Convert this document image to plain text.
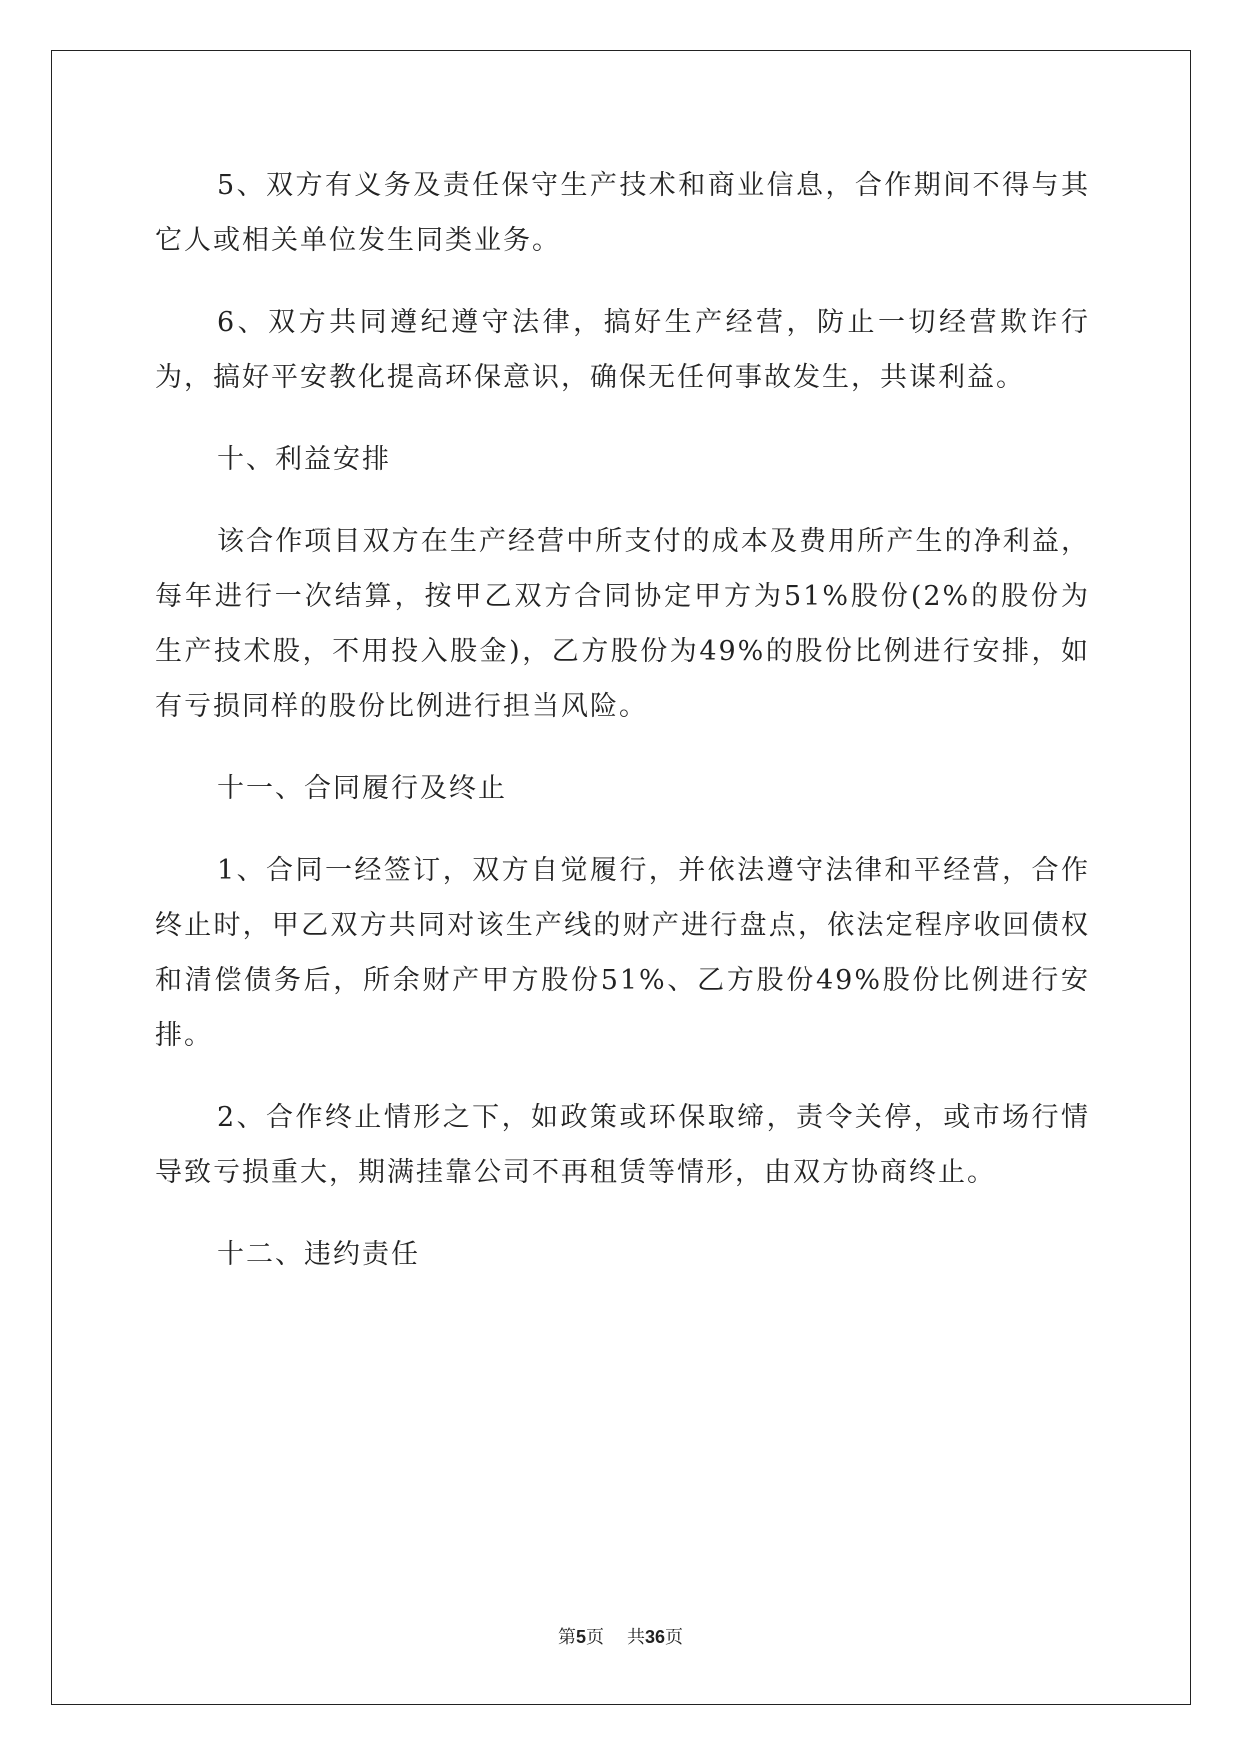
5、双方有义务及责任保守生产技术和商业信息，合作期间不得与其它人或相关单位发生同类业务。

6、双方共同遵纪遵守法律，搞好生产经营，防止一切经营欺诈行为，搞好平安教化提高环保意识，确保无任何事故发生，共谋利益。

十、利益安排

该合作项目双方在生产经营中所支付的成本及费用所产生的净利益，每年进行一次结算，按甲乙双方合同协定甲方为51%股份(2%的股份为生产技术股，不用投入股金)，乙方股份为49%的股份比例进行安排，如有亏损同样的股份比例进行担当风险。

十一、合同履行及终止

1、合同一经签订，双方自觉履行，并依法遵守法律和平经营，合作终止时，甲乙双方共同对该生产线的财产进行盘点，依法定程序收回债权和清偿债务后，所余财产甲方股份51%、乙方股份49%股份比例进行安排。

2、合作终止情形之下，如政策或环保取缔，责令关停，或市场行情导致亏损重大，期满挂靠公司不再租赁等情形，由双方协商终止。

十二、违约责任

第5页 共36页
